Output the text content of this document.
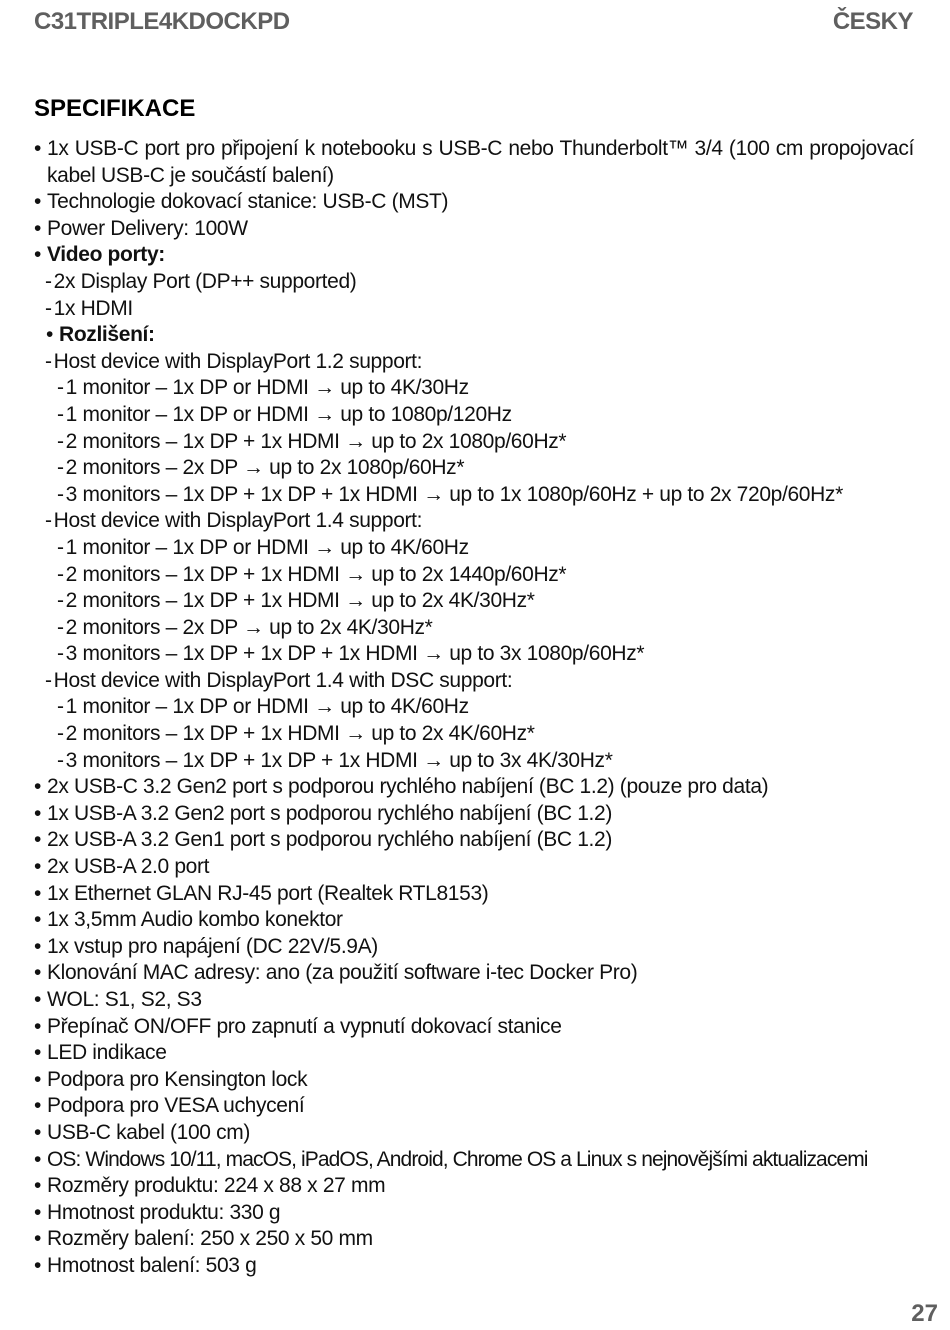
C31TRIPLE4KDOCKPD	ČESKY
SPECIFIKACE
• 1x USB-C port pro připojení k notebooku s USB-C nebo Thunderbolt™ 3/4 (100 cm propojovací kabel USB-C je součástí balení)
• Technologie dokovací stanice: USB-C (MST)
• Power Delivery: 100W
• Video porty:
-2x Display Port (DP++ supported)
-1x HDMI
• Rozlišení:
-Host device with DisplayPort 1.2 support:
-1 monitor – 1x DP or HDMI → up to 4K/30Hz
-1 monitor – 1x DP or HDMI → up to 1080p/120Hz
-2 monitors – 1x DP + 1x HDMI → up to 2x 1080p/60Hz*
-2 monitors – 2x DP → up to 2x 1080p/60Hz*
-3 monitors – 1x DP + 1x DP + 1x HDMI → up to 1x 1080p/60Hz + up to 2x 720p/60Hz*
-Host device with DisplayPort 1.4 support:
-1 monitor – 1x DP or HDMI → up to 4K/60Hz
-2 monitors – 1x DP + 1x HDMI → up to 2x 1440p/60Hz*
-2 monitors – 1x DP + 1x HDMI → up to 2x 4K/30Hz*
-2 monitors – 2x DP → up to 2x 4K/30Hz*
-3 monitors – 1x DP + 1x DP + 1x HDMI → up to 3x 1080p/60Hz*
-Host device with DisplayPort 1.4 with DSC support:
-1 monitor – 1x DP or HDMI → up to 4K/60Hz
-2 monitors – 1x DP + 1x HDMI → up to 2x 4K/60Hz*
-3 monitors – 1x DP + 1x DP + 1x HDMI → up to 3x 4K/30Hz*
• 2x USB-C 3.2 Gen2 port s podporou rychlého nabíjení (BC 1.2) (pouze pro data)
• 1x USB-A 3.2 Gen2 port s podporou rychlého nabíjení (BC 1.2)
• 2x USB-A 3.2 Gen1 port s podporou rychlého nabíjení (BC 1.2)
• 2x USB-A 2.0 port
• 1x Ethernet GLAN RJ-45 port (Realtek RTL8153)
• 1x 3,5mm Audio kombo konektor
• 1x vstup pro napájení (DC 22V/5.9A)
• Klonování MAC adresy: ano (za použití software i-tec Docker Pro)
• WOL: S1, S2, S3
• Přepínač ON/OFF pro zapnutí a vypnutí dokovací stanice
• LED indikace
• Podpora pro Kensington lock
• Podpora pro VESA uchycení
• USB-C kabel (100 cm)
• OS: Windows 10/11, macOS, iPadOS, Android, Chrome OS a Linux s nejnovějšími aktualizacemi
• Rozměry produktu: 224 x 88 x 27 mm
• Hmotnost produktu: 330 g
• Rozměry balení: 250 x 250 x 50 mm
• Hmotnost balení: 503 g
27
